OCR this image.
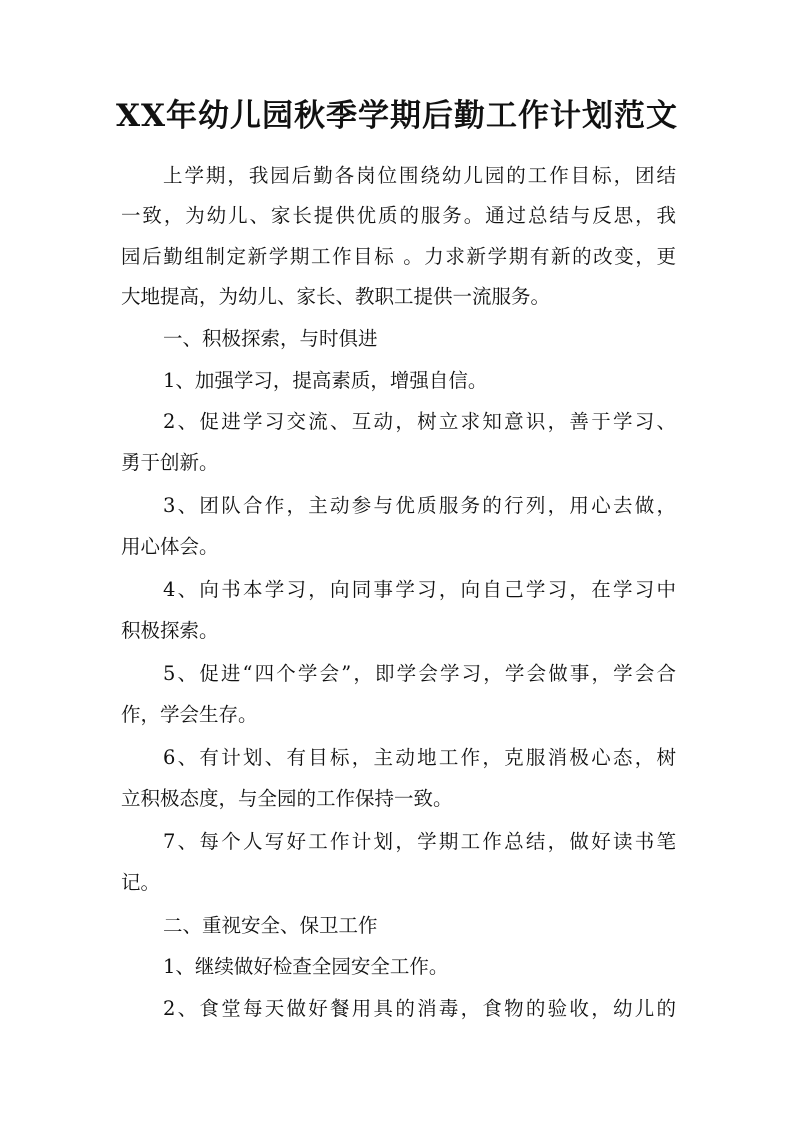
XX年幼儿园秋季学期后勤工作计划范文
上学期，我园后勤各岗位围绕幼儿园的工作目标，团结
一致，为幼儿、家长提供优质的服务。通过总结与反思，我
园后勤组制定新学期工作目标 。力求新学期有新的改变，更
大地提高，为幼儿、家长、教职工提供一流服务。
一、积极探索，与时俱进
1、加强学习，提高素质，增强自信。
2、促进学习交流、互动，树立求知意识，善于学习、
勇于创新。
3、团队合作，主动参与优质服务的行列，用心去做，
用心体会。
4、向书本学习，向同事学习，向自己学习，在学习中
积极探索。
5、促进“四个学会”，即学会学习，学会做事，学会合
作，学会生存。
6、有计划、有目标，主动地工作，克服消极心态，树
立积极态度，与全园的工作保持一致。
7、每个人写好工作计划，学期工作总结，做好读书笔
记。
二、重视安全、保卫工作
1、继续做好检查全园安全工作。
2、食堂每天做好餐用具的消毒，食物的验收，幼儿的
